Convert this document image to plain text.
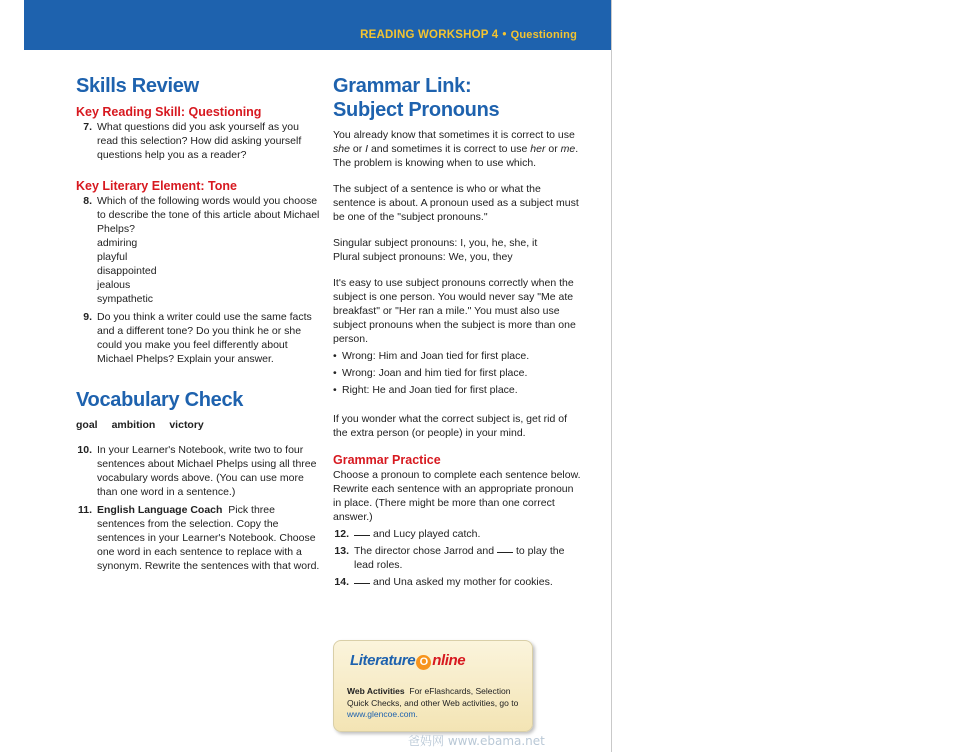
READING WORKSHOP 4 • Questioning
Skills Review
Key Reading Skill: Questioning
7. What questions did you ask yourself as you read this selection? How did asking yourself questions help you as a reader?

Key Literary Element: Tone
8. Which of the following words would you choose to describe the tone of this article about Michael Phelps?

admiring
playful
disappointed
jealous
sympathetic
9. Do you think a writer could use the same facts and a different tone? Do you think he or she could you make you feel differently about Michael Phelps? Explain your answer.

Vocabulary Check
goal ambition victory
10. In your Learner's Notebook, write two to four sentences about Michael Phelps using all three vocabulary words above. (You can use more than one word in a sentence.)

11. English Language Coach Pick three sentences from the selection. Copy the sentences in your Learner's Notebook. Choose one word in each sentence to replace with a synonym. Rewrite the sentences with that word.

Grammar Link:
Subject Pronouns

You already know that sometimes it is correct to use she or I and sometimes it is correct to use her or me. The problem is knowing when to use which.

The subject of a sentence is who or what the sentence is about. A pronoun used as a subject must be one of the "subject pronouns."

Singular subject pronouns: I, you, he, she, it

Plural subject pronouns: We, you, they

It's easy to use subject pronouns correctly when the subject is one person. You would never say "Me ate breakfast" or "Her ran a mile." You must also use subject pronouns when the subject is more than one person.

• Wrong: Him and Joan tied for first place.
• Wrong: Joan and him tied for first place.
• Right: He and Joan tied for first place.

If you wonder what the correct subject is, get rid of the extra person (or people) in your mind.

Grammar Practice

Choose a pronoun to complete each sentence below. Rewrite each sentence with an appropriate pronoun in place. (There might be more than one correct answer.)

12.	and Lucy played catch.

13. The director chose Jarrod and to play the lead roles.

14.	and Una asked my mother for cookies.

Literature O nline
Web Activities For eFlashcards, Selection Quick Checks, and other Web activities, go to
www.glencoe.com.
爸妈网 www.ebama.net
